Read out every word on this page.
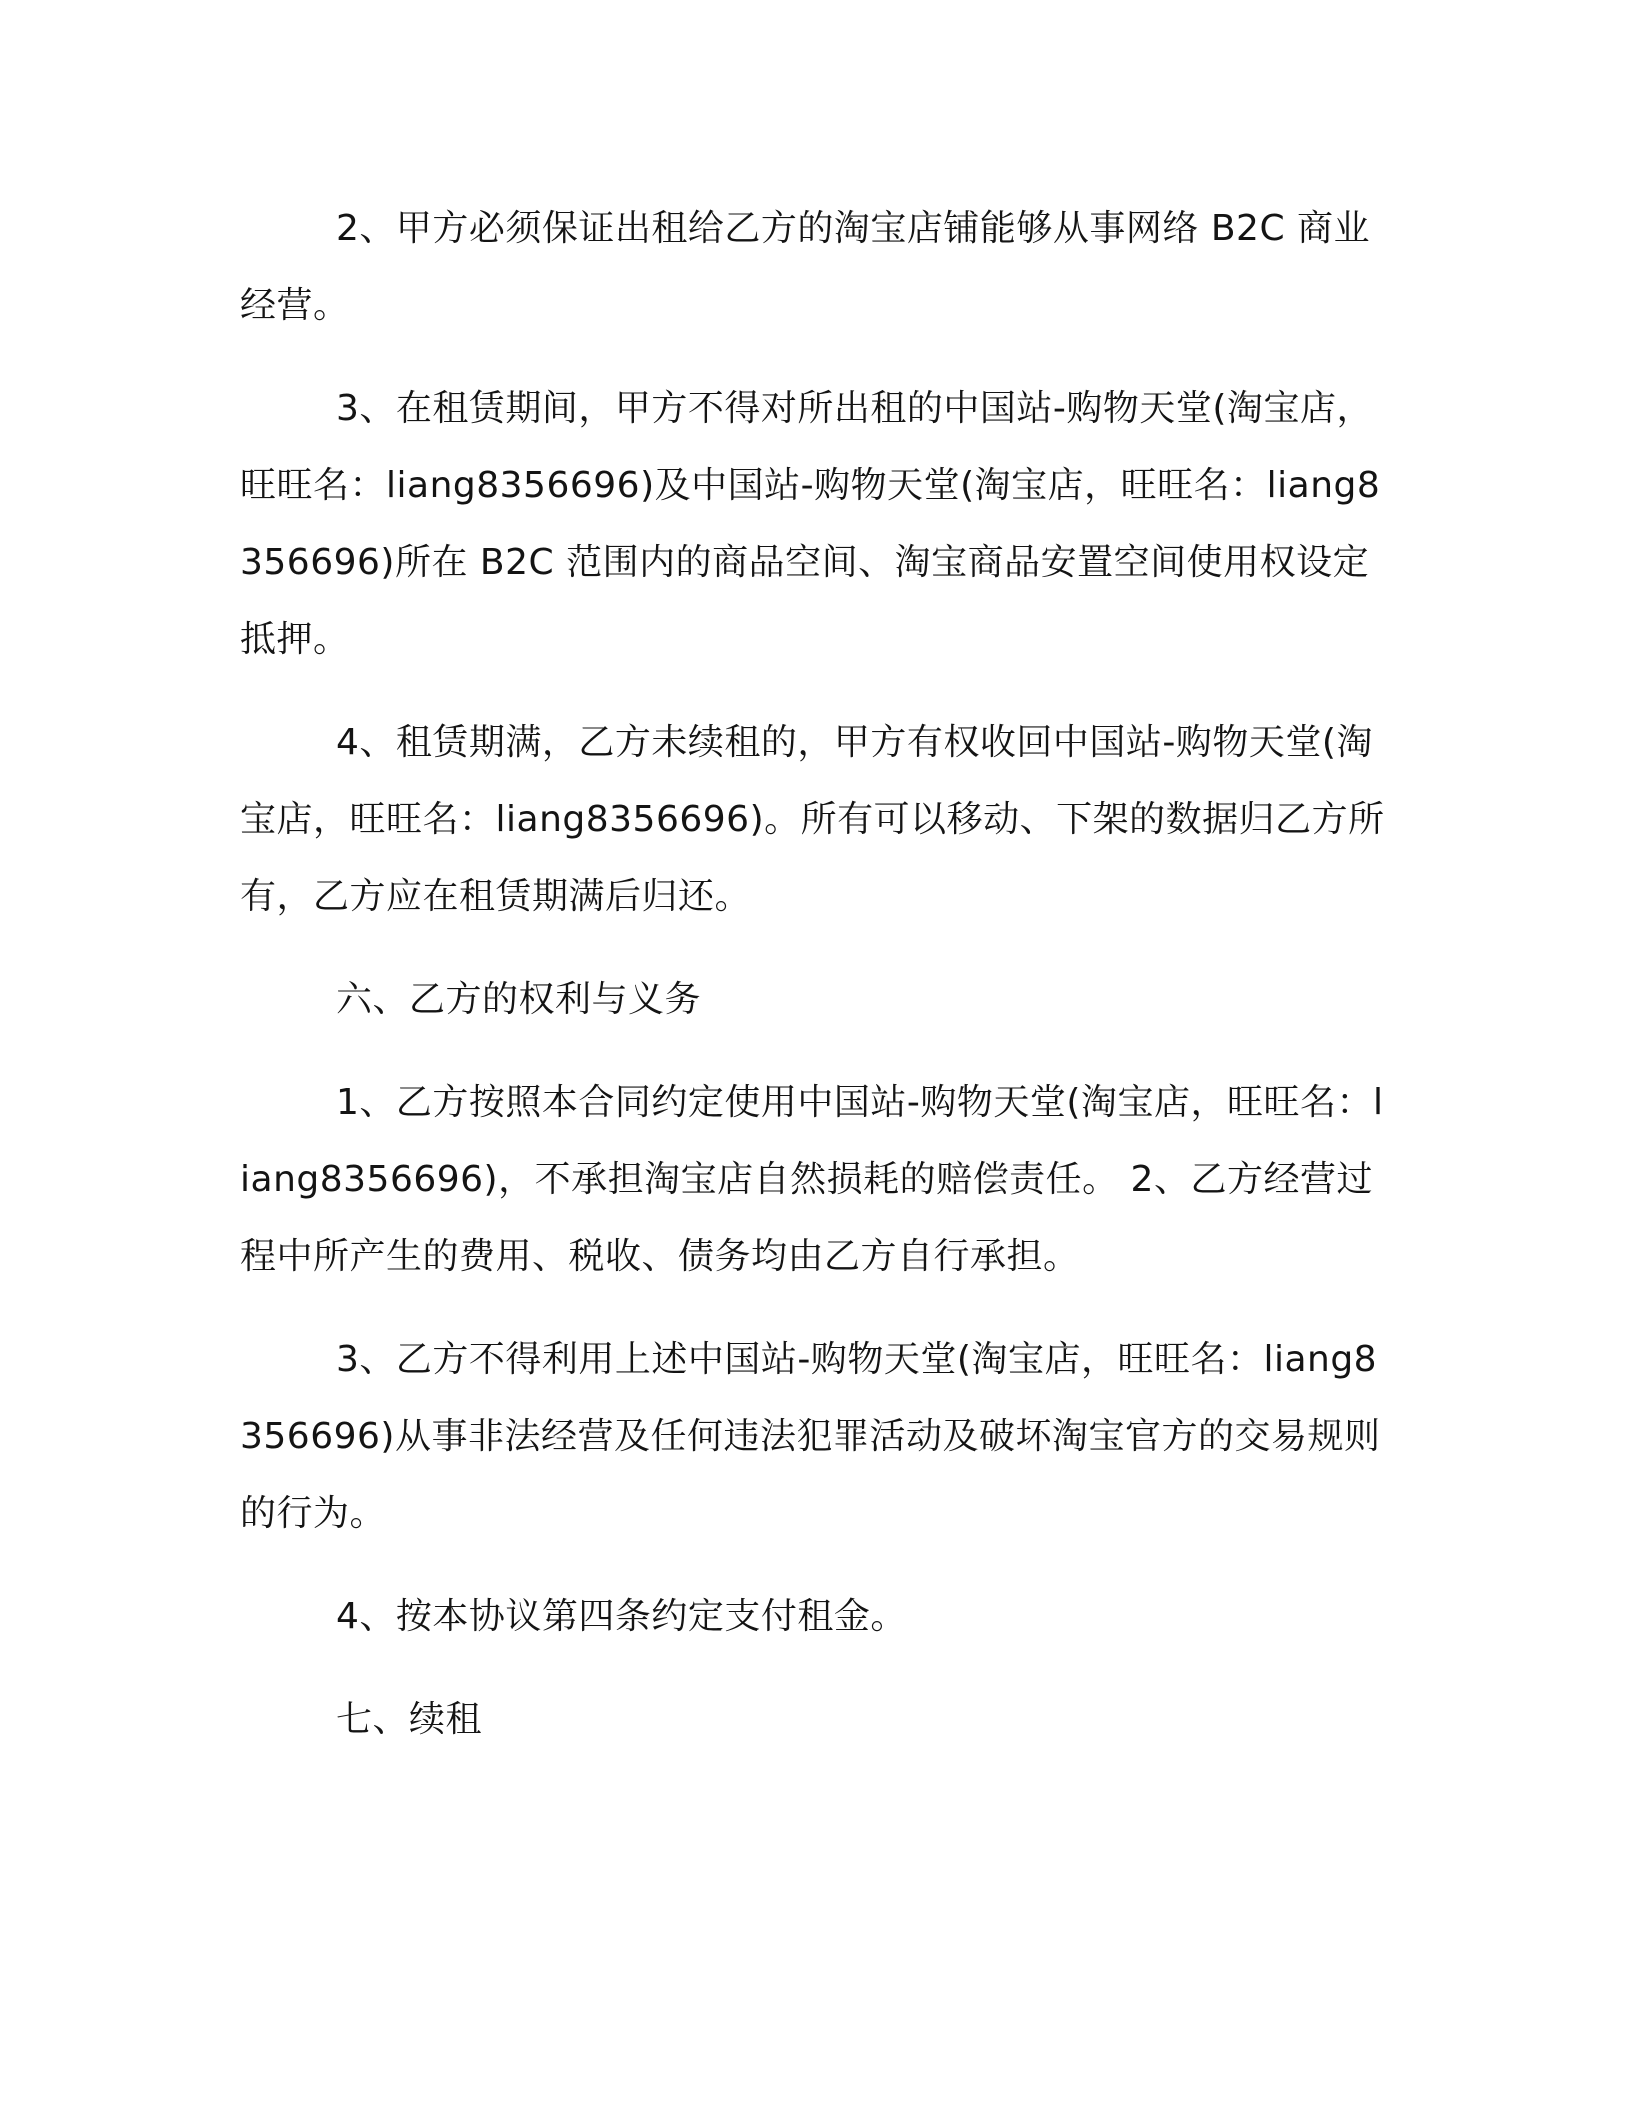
2、甲方必须保证出租给乙方的淘宝店铺能够从事网络 B2C 商业经营。

3、在租赁期间，甲方不得对所出租的中国站-购物天堂(淘宝店，旺旺名：liang8356696)及中国站-购物天堂(淘宝店，旺旺名：liang8356696)所在 B2C 范围内的商品空间、淘宝商品安置空间使用权设定抵押。

4、租赁期满，乙方未续租的，甲方有权收回中国站-购物天堂(淘宝店，旺旺名：liang8356696)。所有可以移动、下架的数据归乙方所有，乙方应在租赁期满后归还。

六、乙方的权利与义务

1、乙方按照本合同约定使用中国站-购物天堂(淘宝店，旺旺名：liang8356696)，不承担淘宝店自然损耗的赔偿责任。 2、乙方经营过程中所产生的费用、税收、债务均由乙方自行承担。

3、乙方不得利用上述中国站-购物天堂(淘宝店，旺旺名：liang8356696)从事非法经营及任何违法犯罪活动及破坏淘宝官方的交易规则的行为。

4、按本协议第四条约定支付租金。

七、续租
